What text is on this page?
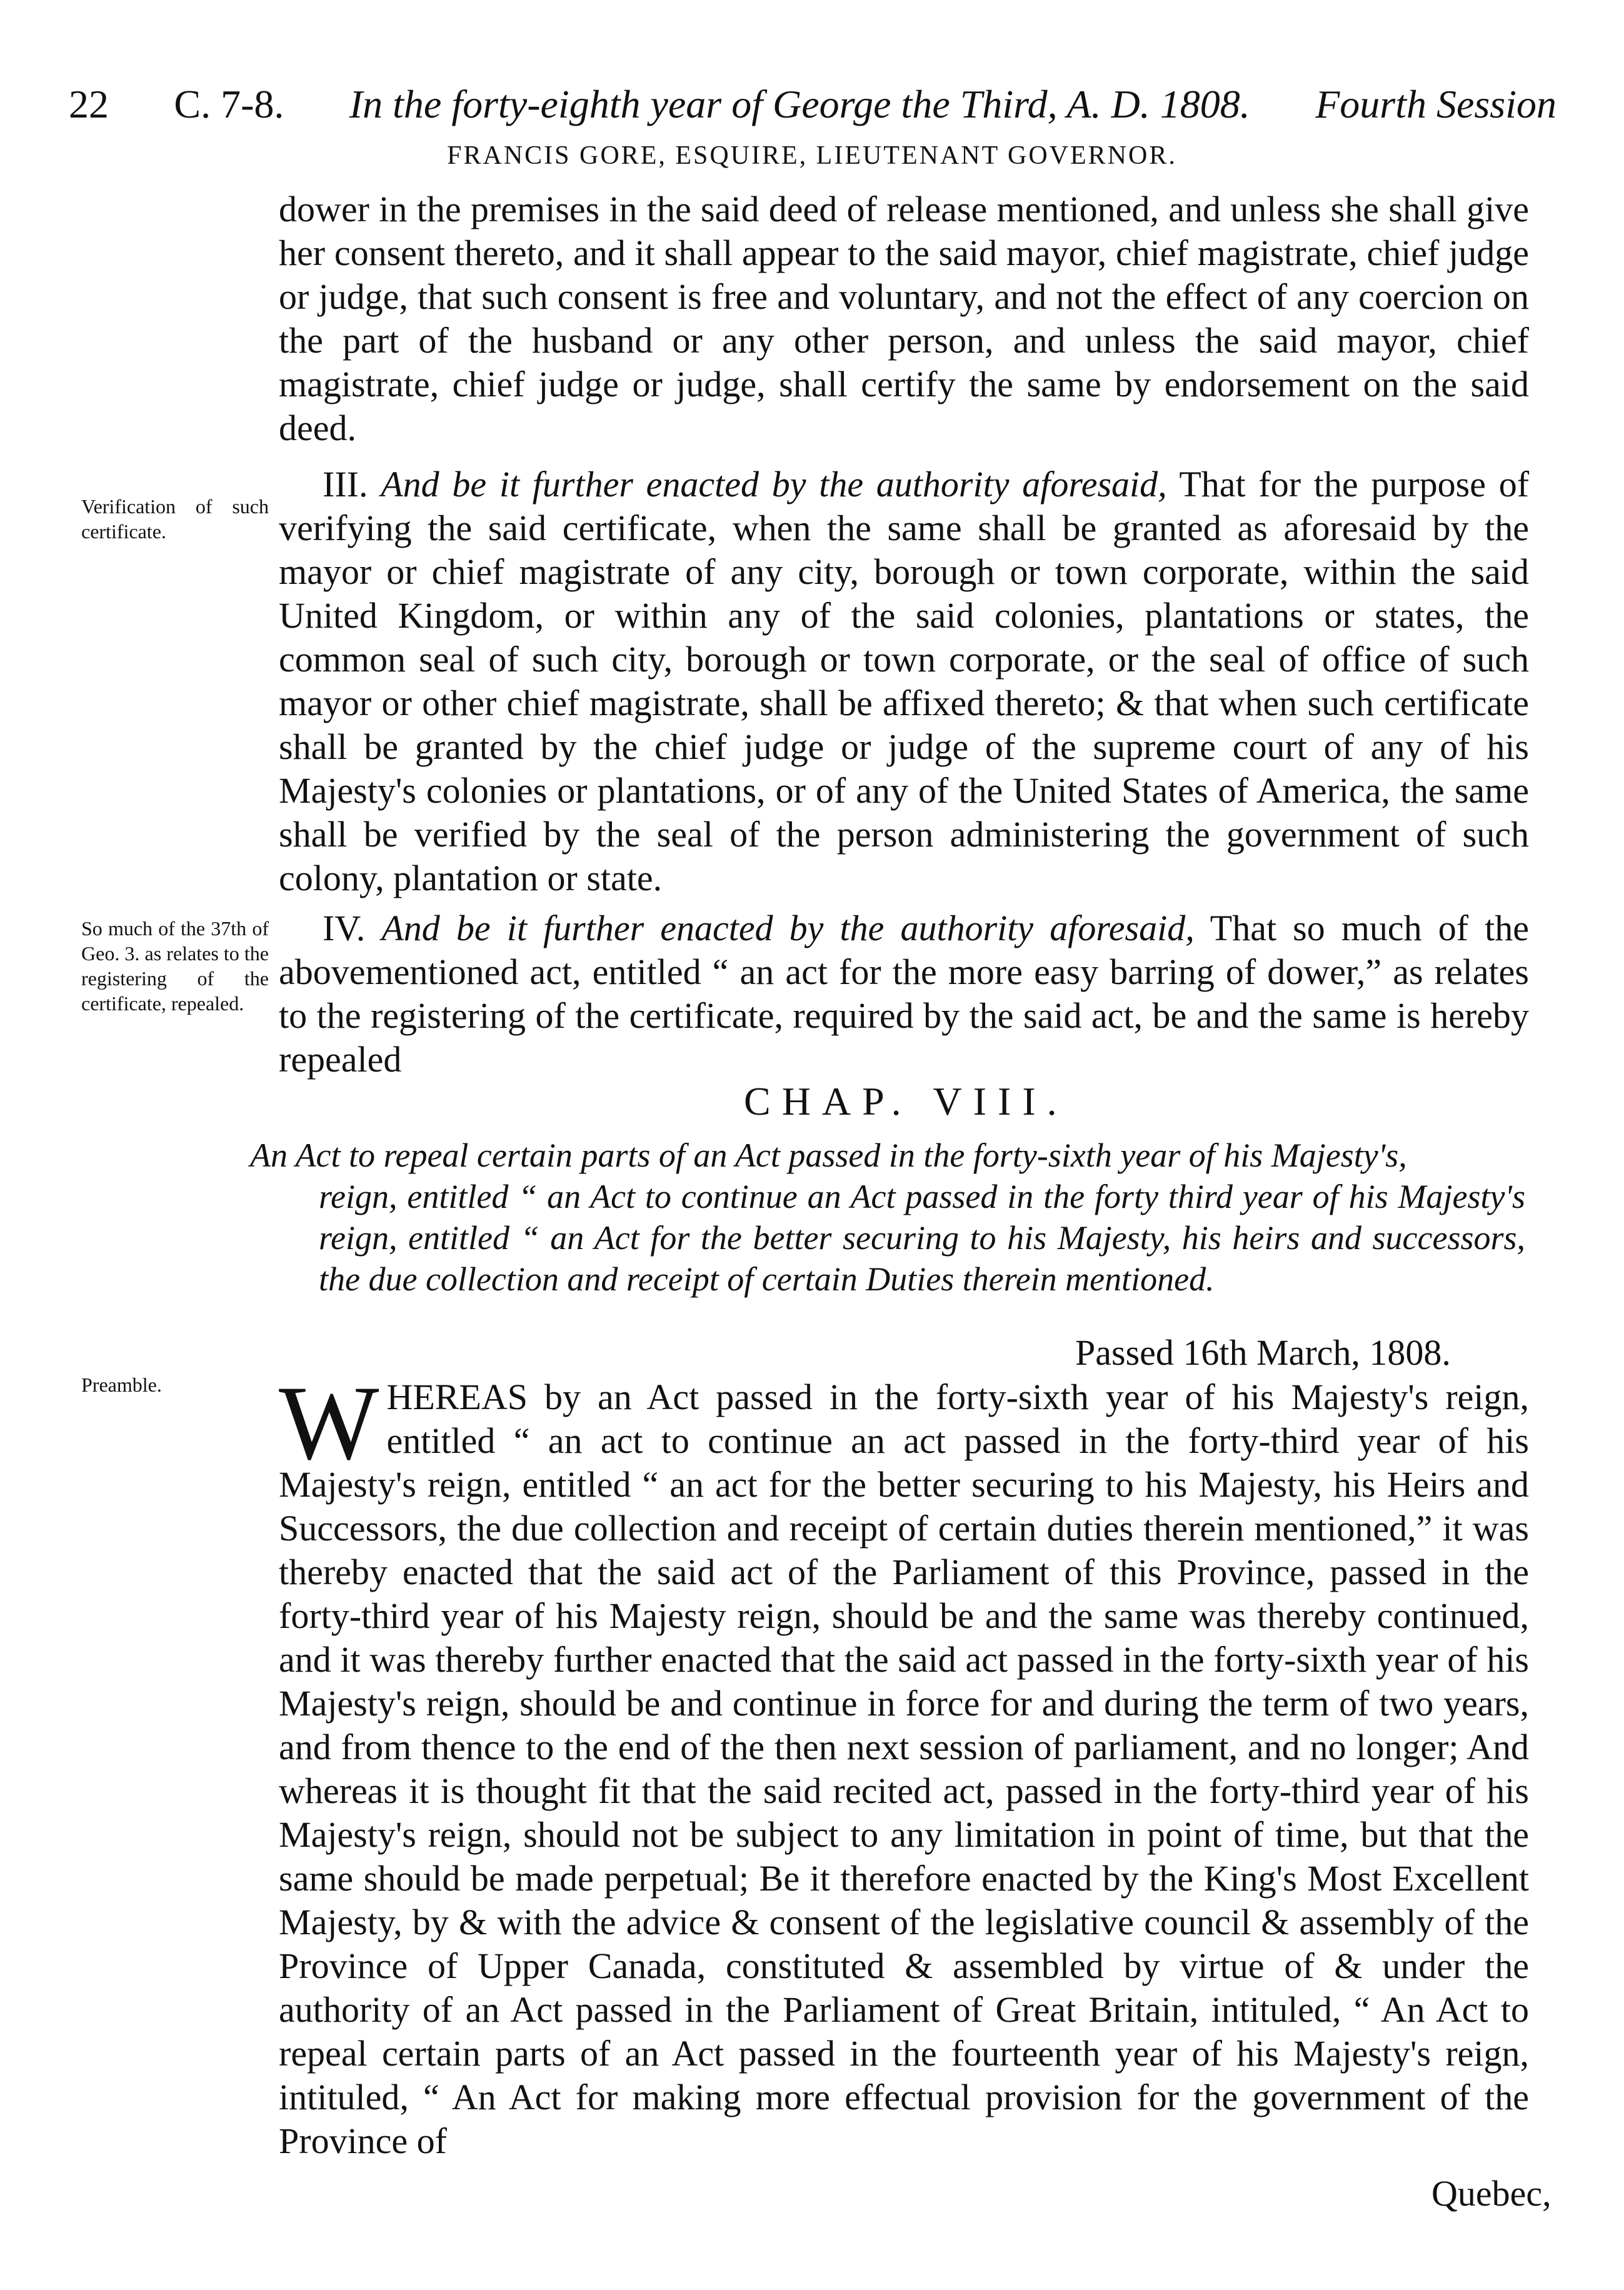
22 C. 7-8. In the forty-eighth year of George the Third, A. D. 1808. Fourth Session
FRANCIS GORE, ESQUIRE, LIEUTENANT GOVERNOR.

dower in the premises in the said deed of release mentioned, and unless she shall give her consent thereto, and it shall appear to the said mayor, chief magistrate, chief judge or judge, that such consent is free and voluntary, and not the effect of any coercion on the part of the husband or any other person, and unless the said mayor, chief magistrate, chief judge or judge, shall certify the same by endorsement on the said deed.

Verification of such certificate.

III. And be it further enacted by the authority aforesaid, That for the purpose of verifying the said certificate, when the same shall be granted as aforesaid by the mayor or chief magistrate of any city, borough or town corporate, within the said United Kingdom, or within any of the said colonies, plantations or states, the common seal of such city, borough or town corporate, or the seal of office of such mayor or other chief magistrate, shall be affixed thereto; & that when such certificate shall be granted by the chief judge or judge of the supreme court of any of his Majesty's colonies or plantations, or of any of the United States of America, the same shall be verified by the seal of the person administering the government of such colony, plantation or state.

So much of the 37th of Geo. 3. as relates to the registering of the certificate, repealed.

IV. And be it further enacted by the authority aforesaid, That so much of the abovementioned act, entitled “ an act for the more easy barring of dower,” as relates to the registering of the certificate, required by the said act, be and the same is hereby repealed

CHAP. VIII.
An Act to repeal certain parts of an Act passed in the forty-sixth year of his Majesty's,
reign, entitled “ an Act to continue an Act passed in the forty third year of his Majesty's reign, entitled “ an Act for the better securing to his Majesty, his heirs and successors, the due collection and receipt of certain Duties therein mentioned.
Passed 16th March, 1808.
Preamble.	WHEREAS by an Act passed in the forty-sixth year of his Majesty's reign, entitled “ an act to continue an act passed in the forty-third year of his Majesty's reign, entitled “ an act for the better securing to his Majesty, his Heirs and Successors, the due collection and receipt of certain duties therein mentioned,” it was thereby enacted that the said act of the Parliament of this Province, passed in the forty-third year of his Majesty reign, should be and the same was thereby continued, and it was thereby further enacted that the said act passed in the forty-sixth year of his Majesty's reign, should be and continue in force for and during the term of two years, and from thence to the end of the then next session of parliament, and no longer; And whereas it is thought fit that the said recited act, passed in the forty-third year of his Majesty's reign, should not be subject to any limitation in point of time, but that the same should be made perpetual; Be it therefore enacted by the King's Most Excellent Majesty, by & with the advice & consent of the legislative council & assembly of the Province of Upper Canada, constituted & assembled by virtue of & under the authority of an Act passed in the Parliament of Great Britain, intituled, “ An Act to repeal certain parts of an Act passed in the fourteenth year of his Majesty's reign, intituled, “ An Act for making more effectual provision for the government of the Province of

Quebec,
